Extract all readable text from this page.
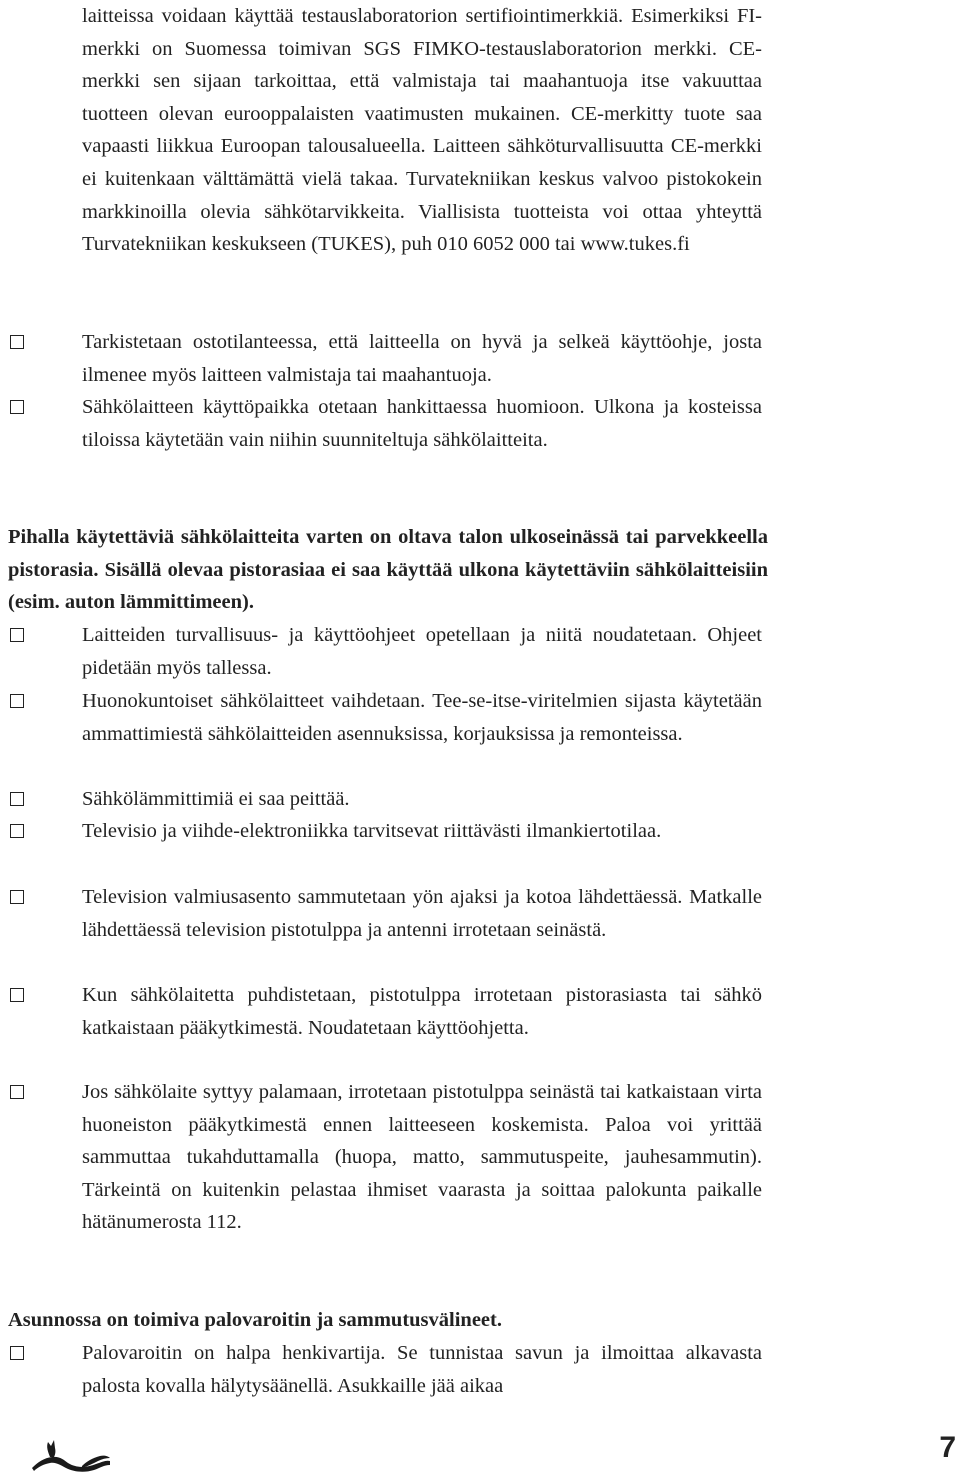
laitteissa voidaan käyttää testauslaboratorion sertifiointimerkkiä. Esimerkiksi FI-merkki on Suomessa toimivan SGS FIMKO-testauslaboratorion merkki. CE-merkki sen sijaan tarkoittaa, että valmistaja tai maahantuoja itse vakuuttaa tuotteen olevan eurooppalaisten vaatimusten mukainen. CE-merkitty tuote saa vapaasti liikkua Euroopan talousalueella. Laitteen sähköturvallisuutta CE-merkki ei kuitenkaan välttämättä vielä takaa. Turvatekniikan keskus valvoo pistokokein markkinoilla olevia sähkötarvikkeita. Viallisista tuotteista voi ottaa yhteyttä Turvatekniikan keskukseen (TUKES), puh 010 6052 000 tai www.tukes.fi

Tarkistetaan ostotilanteessa, että laitteella on hyvä ja selkeä käyttöohje, josta ilmenee myös laitteen valmistaja tai maahantuoja.

Sähkölaitteen käyttöpaikka otetaan hankittaessa huomioon. Ulkona ja kosteissa tiloissa käytetään vain niihin suunniteltuja sähkölaitteita.

Pihalla käytettäviä sähkölaitteita varten on oltava talon ulkoseinässä tai parvekkeella pistorasia. Sisällä olevaa pistorasiaa ei saa käyttää ulkona käytettäviin sähkölaitteisiin (esim. auton lämmittimeen).

Laitteiden turvallisuus- ja käyttöohjeet opetellaan ja niitä noudatetaan. Ohjeet pidetään myös tallessa.

Huonokuntoiset sähkölaitteet vaihdetaan. Tee-se-itse-viritelmien sijasta käytetään ammattimiestä sähkölaitteiden asennuksissa, korjauksissa ja remonteissa.

Sähkölämmittimiä ei saa peittää.

Televisio ja viihde-elektroniikka tarvitsevat riittävästi ilmankiertotilaa.

Television valmiusasento sammutetaan yön ajaksi ja kotoa lähdettäessä. Matkalle lähdettäessä television pistotulppa ja antenni irrotetaan seinästä.

Kun sähkölaitetta puhdistetaan, pistotulppa irrotetaan pistorasiasta tai sähkö katkaistaan pääkytkimestä. Noudatetaan käyttöohjetta.

Jos sähkölaite syttyy palamaan, irrotetaan pistotulppa seinästä tai katkaistaan virta huoneiston pääkytkimestä ennen laitteeseen koskemista. Paloa voi yrittää sammuttaa tukahduttamalla (huopa, matto, sammutuspeite, jauhesammutin). Tärkeintä on kuitenkin pelastaa ihmiset vaarasta ja soittaa palokunta paikalle hätänumerosta 112.

Asunnossa on toimiva palovaroitin ja sammutusvälineet.

Palovaroitin on halpa henkivartija. Se tunnistaa savun ja ilmoittaa alkavasta palosta kovalla hälytysäänellä. Asukkaille jää aikaa

7
